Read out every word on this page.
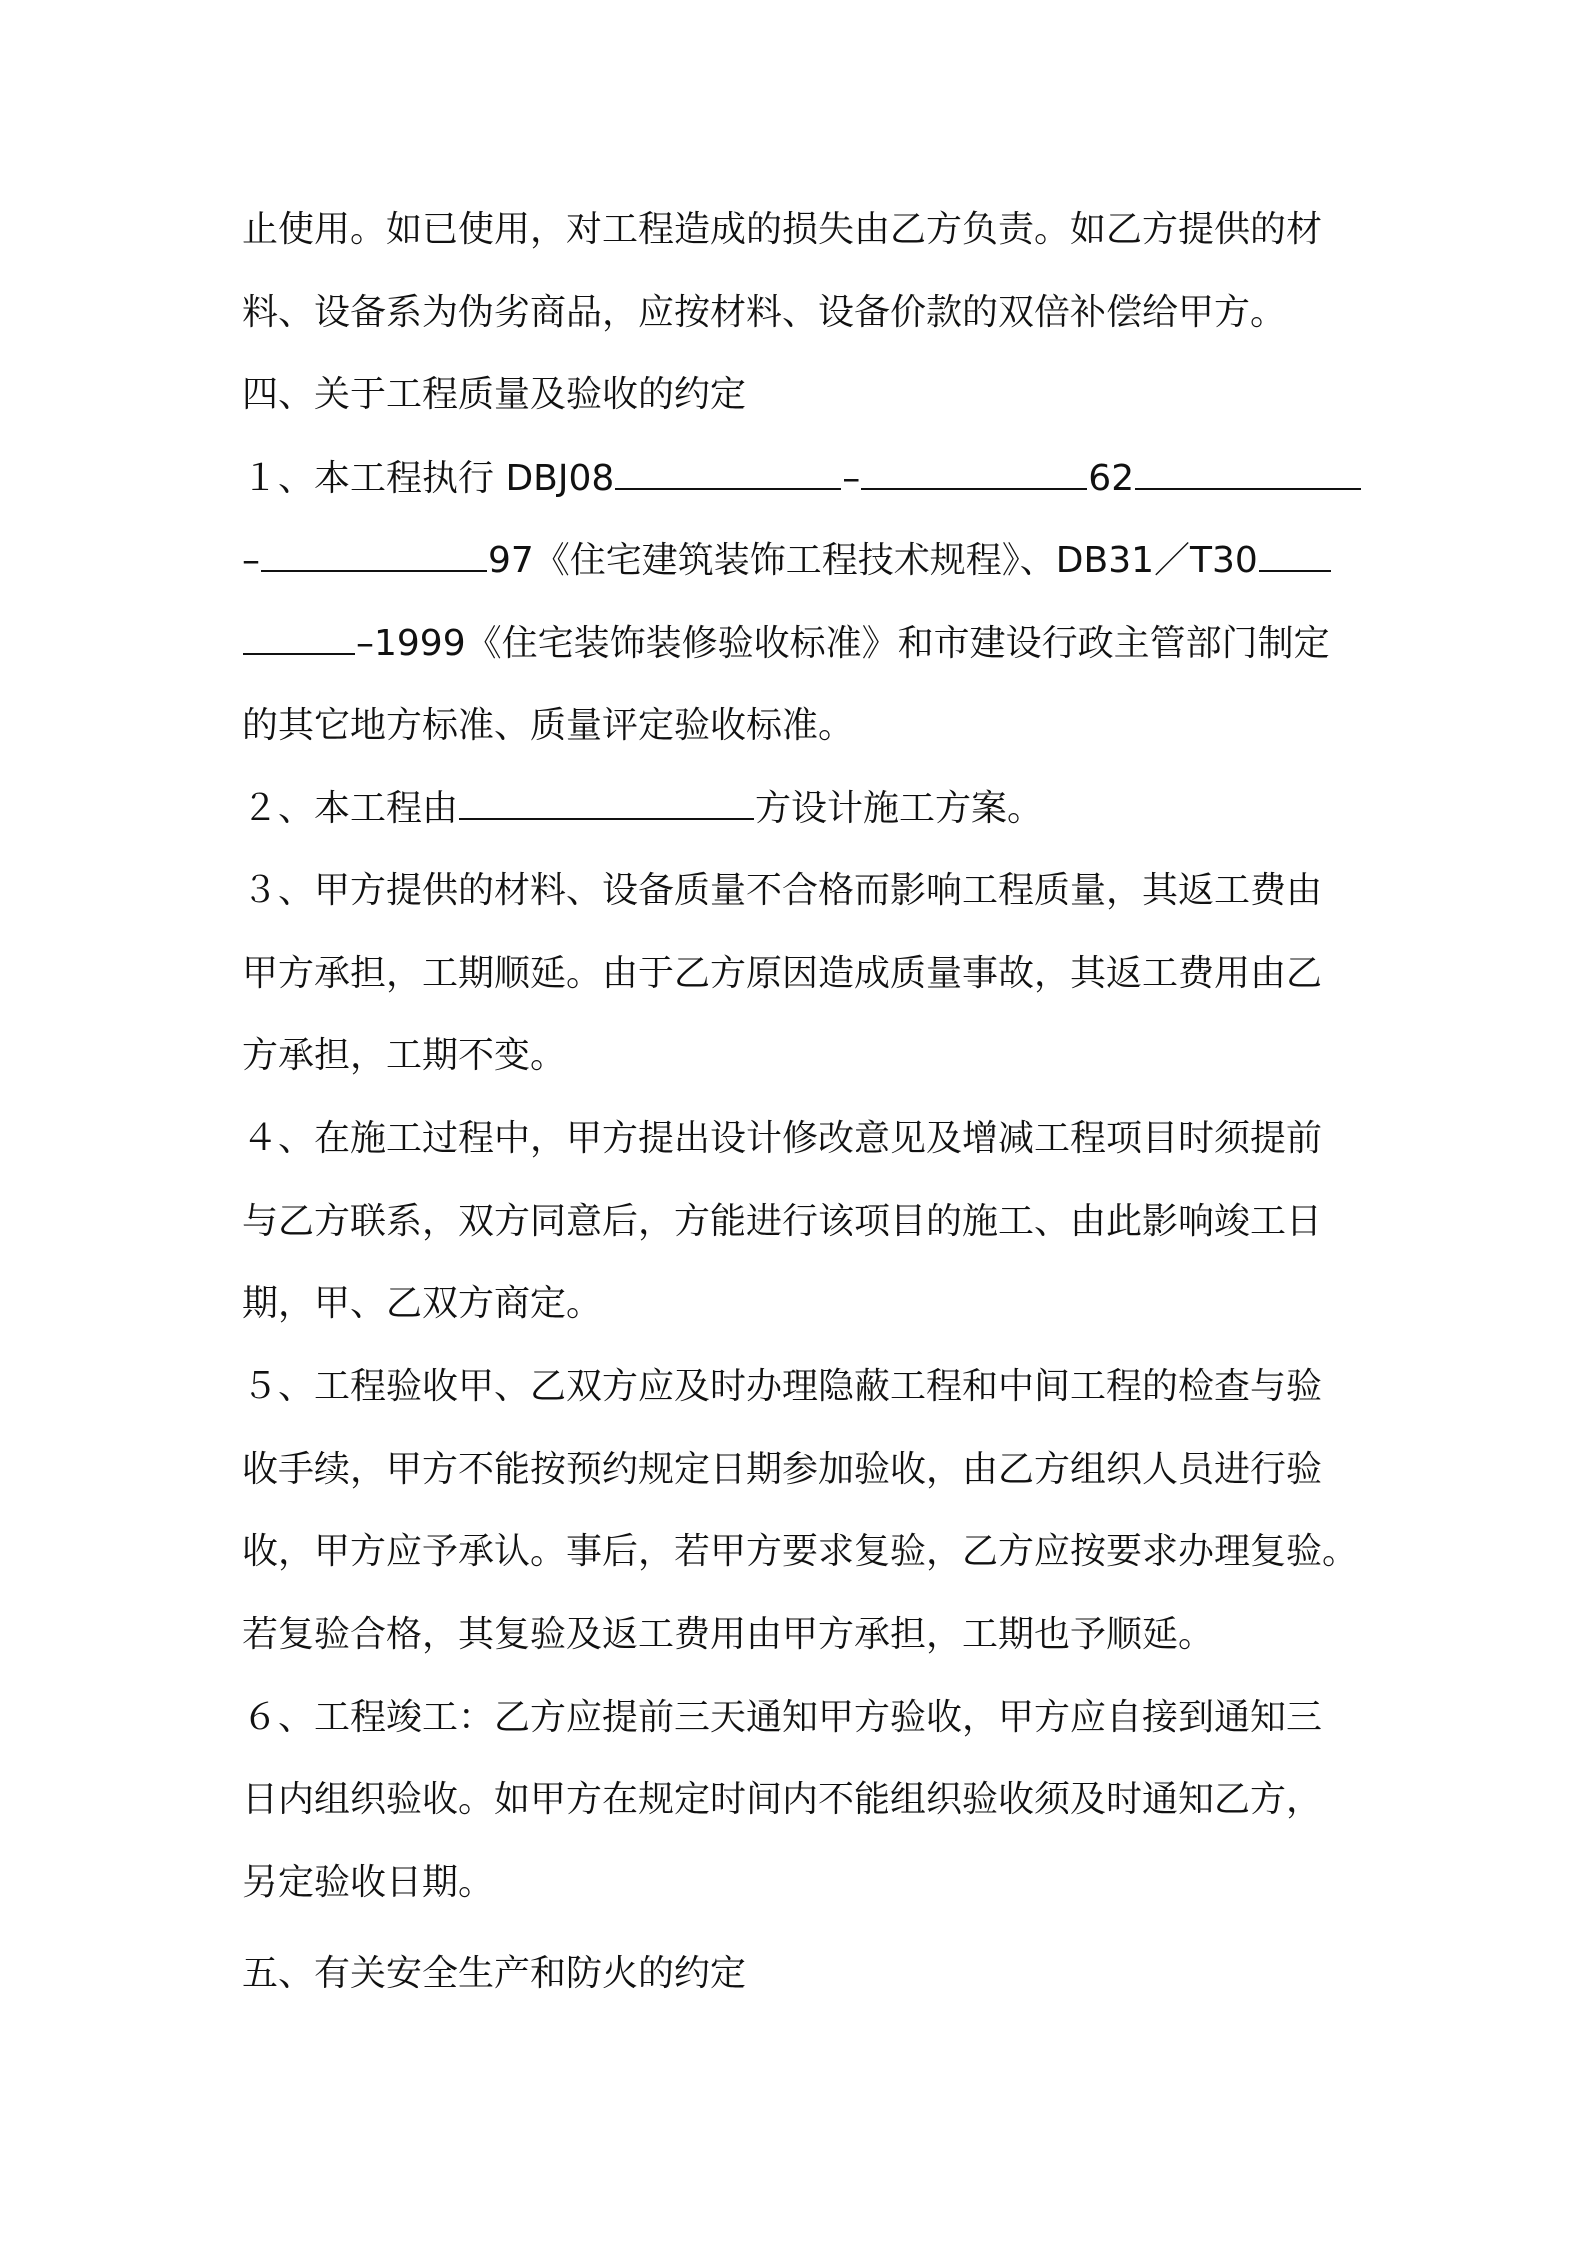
止使用。如已使用，对工程造成的损失由乙方负责。如乙方提供的材
料、设备系为伪劣商品，应按材料、设备价款的双倍补偿给甲方。
四、关于工程质量及验收的约定
１、本工程执行 DBJ08	–	62
–	97《住宅建筑装饰工程技术规程》、DB31／T30
–1999《住宅装饰装修验收标准》和市建设行政主管部门制定
的其它地方标准、质量评定验收标准。
２、本工程由	方设计施工方案。
３、甲方提供的材料、设备质量不合格而影响工程质量，其返工费由
甲方承担，工期顺延。由于乙方原因造成质量事故，其返工费用由乙
方承担，工期不变。
４、在施工过程中，甲方提出设计修改意见及增减工程项目时须提前
与乙方联系，双方同意后，方能进行该项目的施工、由此影响竣工日
期，甲、乙双方商定。
５、工程验收甲、乙双方应及时办理隐蔽工程和中间工程的检查与验
收手续，甲方不能按预约规定日期参加验收，由乙方组织人员进行验
收，甲方应予承认。事后，若甲方要求复验，乙方应按要求办理复验。
若复验合格，其复验及返工费用由甲方承担，工期也予顺延。
６、工程竣工：乙方应提前三天通知甲方验收，甲方应自接到通知三
日内组织验收。如甲方在规定时间内不能组织验收须及时通知乙方，
另定验收日期。
五、有关安全生产和防火的约定
